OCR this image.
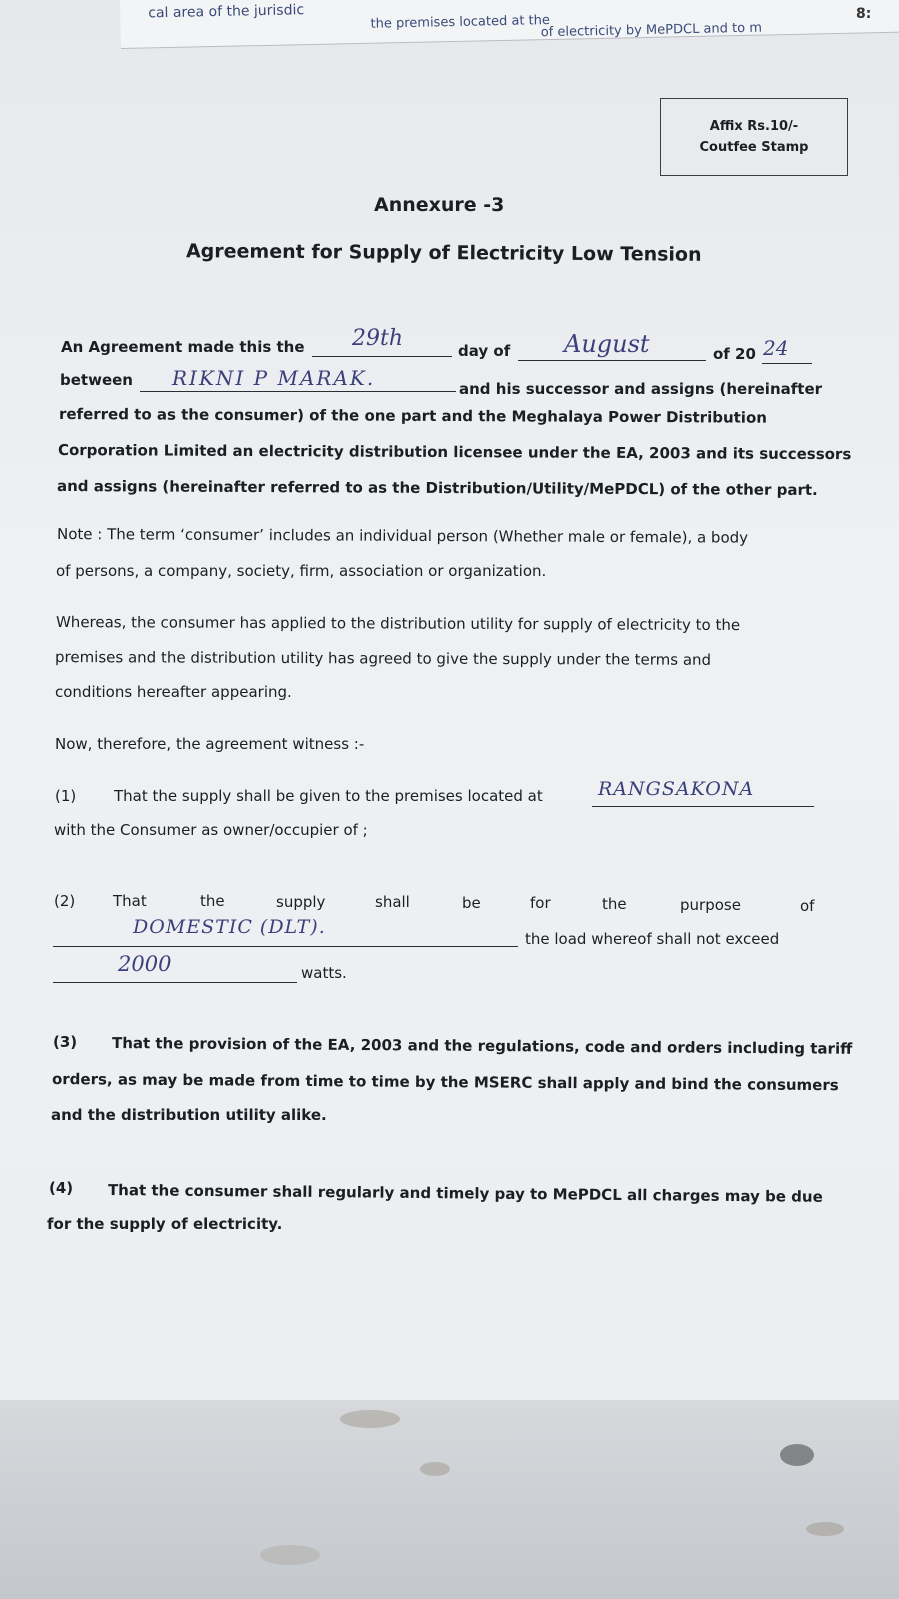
cal area of the jurisdic
the premises located at the
of electricity by MePDCL and to m
8:
Affix Rs.10/-
Coutfee Stamp
Annexure -3
Agreement for Supply of Electricity Low Tension
An Agreement made this the 29th	day of August	of 20 24
between RIKNI P MARAK.	and his successor and assigns (hereinafter
referred to as the consumer) of the one part and the Meghalaya Power Distribution
Corporation Limited an electricity distribution licensee under the EA, 2003 and its successors
and assigns (hereinafter referred to as the Distribution/Utility/MePDCL) of the other part.
Note : The term ‘consumer’ includes an individual person (Whether male or female), a body
of persons, a company, society, firm, association or organization.
Whereas, the consumer has applied to the distribution utility for supply of electricity to the
premises and the distribution utility has agreed to give the supply under the terms and
conditions hereafter appearing.
Now, therefore, the agreement witness :-
(1)	That the supply shall be given to the premises located at	RANGSAKONA
with the Consumer as owner/occupier of ;
(2)	That	the	supply	shall	be	for	the	purpose	of
DOMESTIC (DLT).
the load whereof shall not exceed
2000	watts.
(3) That the provision of the EA, 2003 and the regulations, code and orders including tariff
orders, as may be made from time to time by the MSERC shall apply and bind the consumers
and the distribution utility alike.
(4) That the consumer shall regularly and timely pay to MePDCL all charges may be due
for the supply of electricity.
